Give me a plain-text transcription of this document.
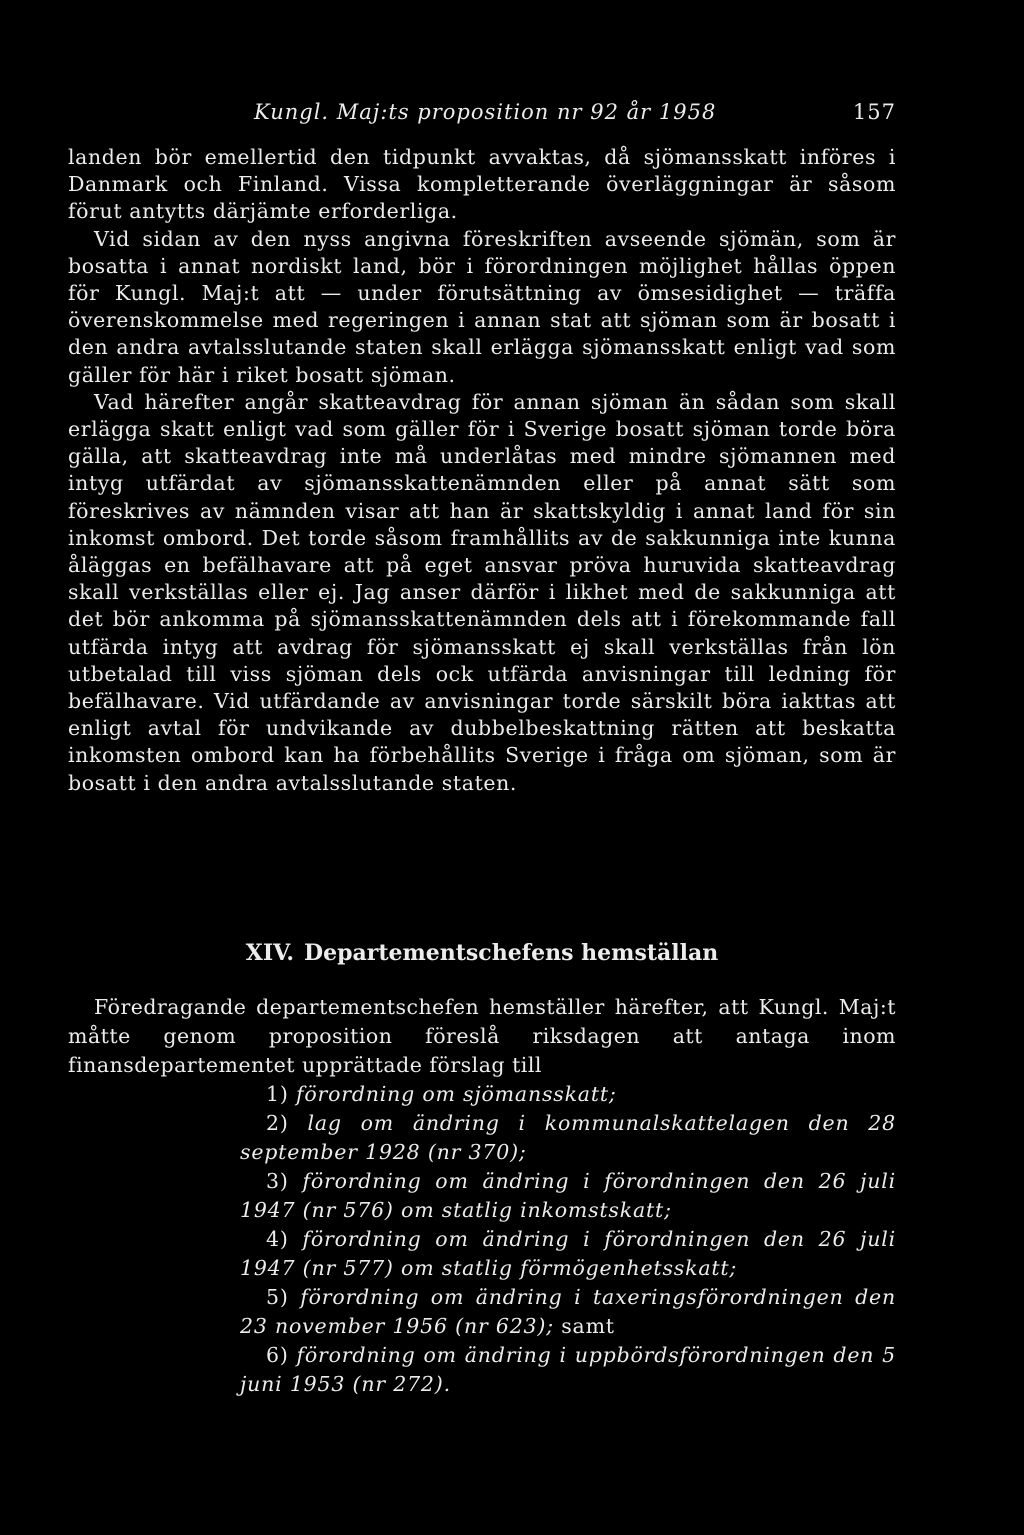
Kungl. Maj:ts proposition nr 92 år 1958	157

landen bör emellertid den tidpunkt avvaktas, då sjömansskatt införes i Danmark och Finland. Vissa kompletterande överläggningar är såsom förut antytts därjämte erforderliga.

Vid sidan av den nyss angivna föreskriften avseende sjömän, som är bosatta i annat nordiskt land, bör i förordningen möjlighet hållas öppen för Kungl. Maj:t att — under förutsättning av ömsesidighet — träffa överenskommelse med regeringen i annan stat att sjöman som är bosatt i den andra avtalsslutande staten skall erlägga sjömansskatt enligt vad som gäller för här i riket bosatt sjöman.

Vad härefter angår skatteavdrag för annan sjöman än sådan som skall erlägga skatt enligt vad som gäller för i Sverige bosatt sjöman torde böra gälla, att skatteavdrag inte må underlåtas med mindre sjömannen med intyg utfärdat av sjömansskattenämnden eller på annat sätt som föreskrives av nämnden visar att han är skattskyldig i annat land för sin inkomst ombord. Det torde såsom framhållits av de sakkunniga inte kunna åläggas en befälhavare att på eget ansvar pröva huruvida skatteavdrag skall verkställas eller ej. Jag anser därför i likhet med de sakkunniga att det bör ankomma på sjömansskattenämnden dels att i förekommande fall utfärda intyg att avdrag för sjömansskatt ej skall verkställas från lön utbetalad till viss sjöman dels ock utfärda anvisningar till ledning för befälhavare. Vid utfärdande av anvisningar torde särskilt böra iakttas att enligt avtal för undvikande av dubbelbeskattning rätten att beskatta inkomsten ombord kan ha förbehållits Sverige i fråga om sjöman, som är bosatt i den andra avtalsslutande staten.

XIV. Departementschefens hemställan

Föredragande departementschefen hemställer härefter, att Kungl. Maj:t måtte genom proposition föreslå riksdagen att antaga inom finansdepartementet upprättade förslag till

1) förordning om sjömansskatt;
2) lag om ändring i kommunalskattelagen den 28 september 1928 (nr 370);
3) förordning om ändring i förordningen den 26 juli 1947 (nr 576) om statlig inkomstskatt;
4) förordning om ändring i förordningen den 26 juli 1947 (nr 577) om statlig förmögenhetsskatt;
5) förordning om ändring i taxeringsförordningen den 23 november 1956 (nr 623); samt
6) förordning om ändring i uppbördsförordningen den 5 juni 1953 (nr 272).
